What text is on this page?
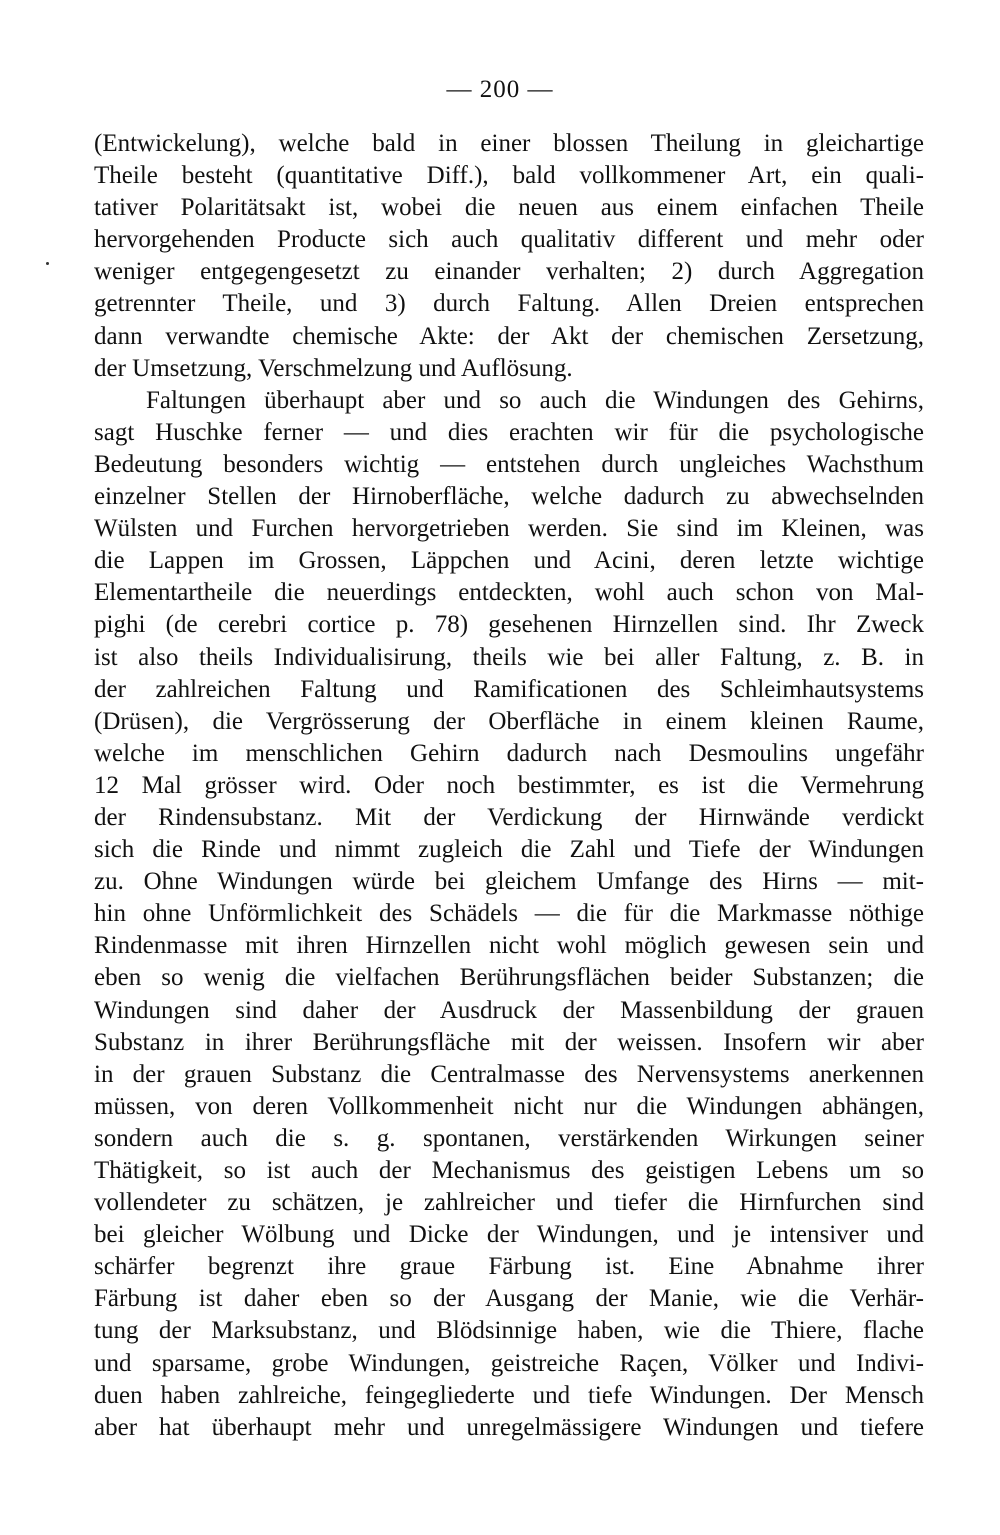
— 200 —
(Entwickelung), welche bald in einer blossen Theilung in gleichartige
Theile besteht (quantitative Diff.), bald vollkommener Art, ein quali-
tativer Polaritätsakt ist, wobei die neuen aus einem einfachen Theile
hervorgehenden Producte sich auch qualitativ different und mehr oder
weniger entgegengesetzt zu einander verhalten; 2) durch Aggregation
getrennter Theile, und 3) durch Faltung. Allen Dreien entsprechen
dann verwandte chemische Akte: der Akt der chemischen Zersetzung,
der Umsetzung, Verschmelzung und Auflösung.
Faltungen überhaupt aber und so auch die Windungen des Gehirns,
sagt Huschke ferner — und dies erachten wir für die psychologische
Bedeutung besonders wichtig — entstehen durch ungleiches Wachsthum
einzelner Stellen der Hirnoberfläche, welche dadurch zu abwechselnden
Wülsten und Furchen hervorgetrieben werden. Sie sind im Kleinen, was
die Lappen im Grossen, Läppchen und Acini, deren letzte wichtige
Elementartheile die neuerdings entdeckten, wohl auch schon von Mal-
pighi (de cerebri cortice p. 78) gesehenen Hirnzellen sind. Ihr Zweck
ist also theils Individualisirung, theils wie bei aller Faltung, z. B. in
der zahlreichen Faltung und Ramificationen des Schleimhautsystems
(Drüsen), die Vergrösserung der Oberfläche in einem kleinen Raume,
welche im menschlichen Gehirn dadurch nach Desmoulins ungefähr
12 Mal grösser wird. Oder noch bestimmter, es ist die Vermehrung
der Rindensubstanz. Mit der Verdickung der Hirnwände verdickt
sich die Rinde und nimmt zugleich die Zahl und Tiefe der Windungen
zu. Ohne Windungen würde bei gleichem Umfange des Hirns — mit-
hin ohne Unförmlichkeit des Schädels — die für die Markmasse nöthige
Rindenmasse mit ihren Hirnzellen nicht wohl möglich gewesen sein und
eben so wenig die vielfachen Berührungsflächen beider Substanzen; die
Windungen sind daher der Ausdruck der Massenbildung der grauen
Substanz in ihrer Berührungsfläche mit der weissen. Insofern wir aber
in der grauen Substanz die Centralmasse des Nervensystems anerkennen
müssen, von deren Vollkommenheit nicht nur die Windungen abhängen,
sondern auch die s. g. spontanen, verstärkenden Wirkungen seiner
Thätigkeit, so ist auch der Mechanismus des geistigen Lebens um so
vollendeter zu schätzen, je zahlreicher und tiefer die Hirnfurchen sind
bei gleicher Wölbung und Dicke der Windungen, und je intensiver und
schärfer begrenzt ihre graue Färbung ist. Eine Abnahme ihrer
Färbung ist daher eben so der Ausgang der Manie, wie die Verhär-
tung der Marksubstanz, und Blödsinnige haben, wie die Thiere, flache
und sparsame, grobe Windungen, geistreiche Raçen, Völker und Indivi-
duen haben zahlreiche, feingegliederte und tiefe Windungen. Der Mensch
aber hat überhaupt mehr und unregelmässigere Windungen und tiefere
